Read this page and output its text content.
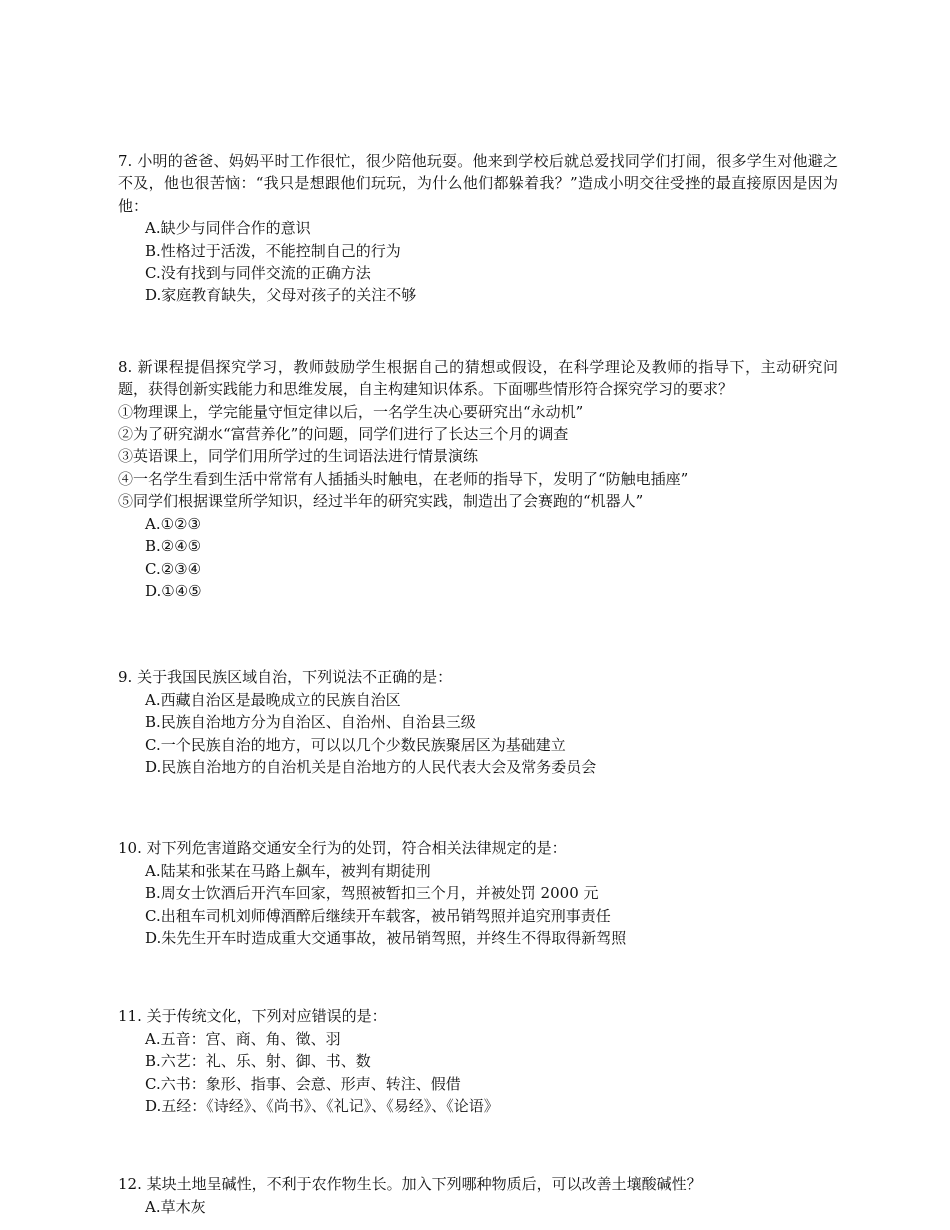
7. 小明的爸爸、妈妈平时工作很忙，很少陪他玩耍。他来到学校后就总爱找同学们打闹，很多学生对他避之不及，他也很苦恼：“我只是想跟他们玩玩，为什么他们都躲着我？”造成小明交往受挫的最直接原因是因为他：

A.缺少与同伴合作的意识

B.性格过于活泼，不能控制自己的行为

C.没有找到与同伴交流的正确方法

D.家庭教育缺失，父母对孩子的关注不够

8. 新课程提倡探究学习，教师鼓励学生根据自己的猜想或假设，在科学理论及教师的指导下，主动研究问题，获得创新实践能力和思维发展，自主构建知识体系。下面哪些情形符合探究学习的要求？

①物理课上，学完能量守恒定律以后，一名学生决心要研究出“永动机”

②为了研究湖水“富营养化”的问题，同学们进行了长达三个月的调查

③英语课上，同学们用所学过的生词语法进行情景演练

④一名学生看到生活中常常有人插插头时触电，在老师的指导下，发明了“防触电插座”

⑤同学们根据课堂所学知识，经过半年的研究实践，制造出了会赛跑的“机器人”

A.①②③

B.②④⑤

C.②③④

D.①④⑤

9. 关于我国民族区域自治，下列说法不正确的是：

A.西藏自治区是最晚成立的民族自治区

B.民族自治地方分为自治区、自治州、自治县三级

C.一个民族自治的地方，可以以几个少数民族聚居区为基础建立

D.民族自治地方的自治机关是自治地方的人民代表大会及常务委员会

10. 对下列危害道路交通安全行为的处罚，符合相关法律规定的是：

A.陆某和张某在马路上飙车，被判有期徒刑

B.周女士饮酒后开汽车回家，驾照被暂扣三个月，并被处罚 2000 元

C.出租车司机刘师傅酒醉后继续开车载客，被吊销驾照并追究刑事责任

D.朱先生开车时造成重大交通事故，被吊销驾照，并终生不得取得新驾照

11. 关于传统文化，下列对应错误的是：

A.五音：宫、商、角、徵、羽

B.六艺：礼、乐、射、御、书、数

C.六书：象形、指事、会意、形声、转注、假借

D.五经：《诗经》、《尚书》、《礼记》、《易经》、《论语》

12. 某块土地呈碱性，不利于农作物生长。加入下列哪种物质后，可以改善土壤酸碱性？

A.草木灰
